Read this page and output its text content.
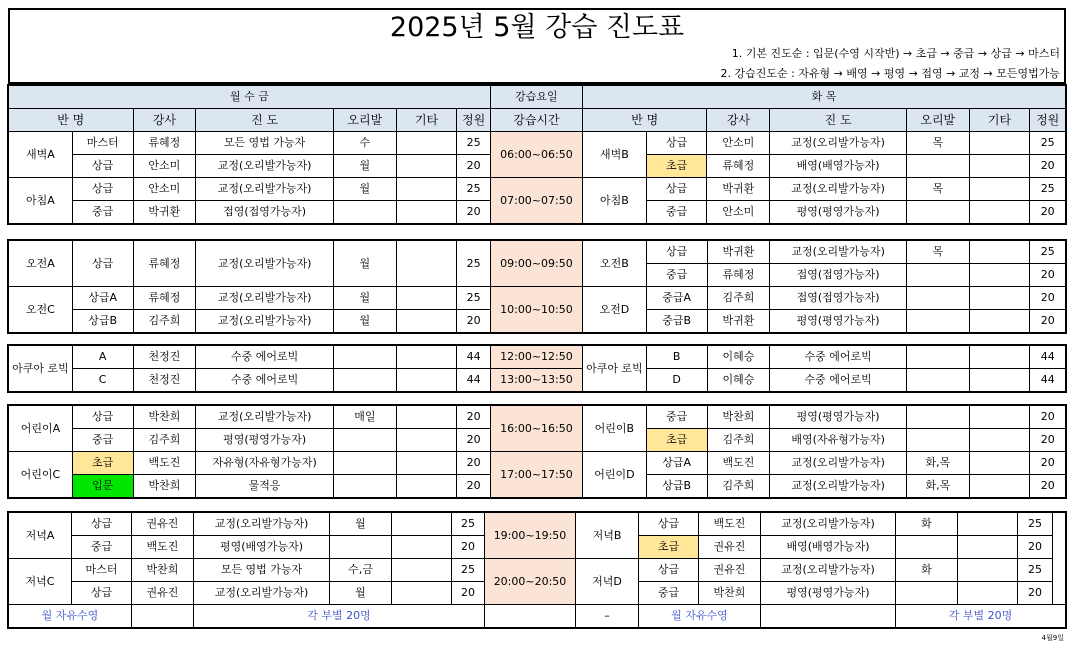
2025년 5월 강습 진도표
1. 기본 진도순 : 입문(수영 시작반) → 초급 → 중급 → 상급 → 마스터
2. 강습진도순 : 자유형 → 배영 → 평영 → 접영 → 교정 → 모든영법가능
월 수 금							강습요일	화 목						
반 명		강사	진 도	오리발	기타	정원	강습시간	반 명		강사	진 도	오리발	기타	정원
새벽A	마스터	류혜정	모든 영법 가능자	수		25	06:00~06:50	새벽B	상급	안소미	교정(오리발가능자)	목		25
	상급	안소미	교정(오리발가능자)	월		20			초급	류혜정	배영(배영가능자)			20
아침A	상급	안소미	교정(오리발가능자)	월		25	07:00~07:50	아침B	상급	박귀환	교정(오리발가능자)	목		25
	중급	박귀환	접영(접영가능자)			20			중급	안소미	평영(평영가능자)			20
오전A	상급	류혜정	교정(오리발가능자)	월		25	09:00~09:50	오전B	상급	박귀환	교정(오리발가능자)	목		25
									중급	류혜정	접영(접영가능자)			20
오전C	상급A	류혜정	교정(오리발가능자)	월		25	10:00~10:50	오전D	중급A	김주희	접영(접영가능자)			20
	상급B	김주희	교정(오리발가능자)	월		20			중급B	박귀환	평영(평영가능자)			20
아쿠아 로빅	A	천정진	수중 에어로빅			44	12:00~12:50	아쿠아 로빅	B	이혜승	수중 에어로빅			44
	C	천정진	수중 에어로빅			44	13:00~13:50		D	이혜승	수중 에어로빅			44
어린이A	상급	박찬희	교정(오리발가능자)	매일		20	16:00~16:50	어린이B	중급	박찬희	평영(평영가능자)			20
	중급	김주희	평영(평영가능자)			20			초급	김주희	배영(자유형가능자)			20
어린이C	초급	백도진	자유형(자유형가능자)			20	17:00~17:50	어린이D	상급A	백도진	교정(오리발가능자)	화,목		20
	입문	박찬희	물적응			20			상급B	김주희	교정(오리발가능자)	화,목		20
저녁A	상급	권유진	교정(오리발가능자)	월		25	19:00~19:50	저녁B	상급	백도진	교정(오리발가능자)	화		25
	중급	백도진	평영(배영가능자)			20			초급	권유진	배영(배영가능자)			20
저녁C	마스터	박찬희	모든 영법 가능자	수,금		25	20:00~20:50	저녁D	상급	권유진	교정(오리발가능자)	화		25
	상급	권유진	교정(오리발가능자)	월		20			중급	박찬희	평영(평영가능자)			20
월 자유수영			각 부별 20명					–	월 자유수영			각 부별 20명		
4월9일
